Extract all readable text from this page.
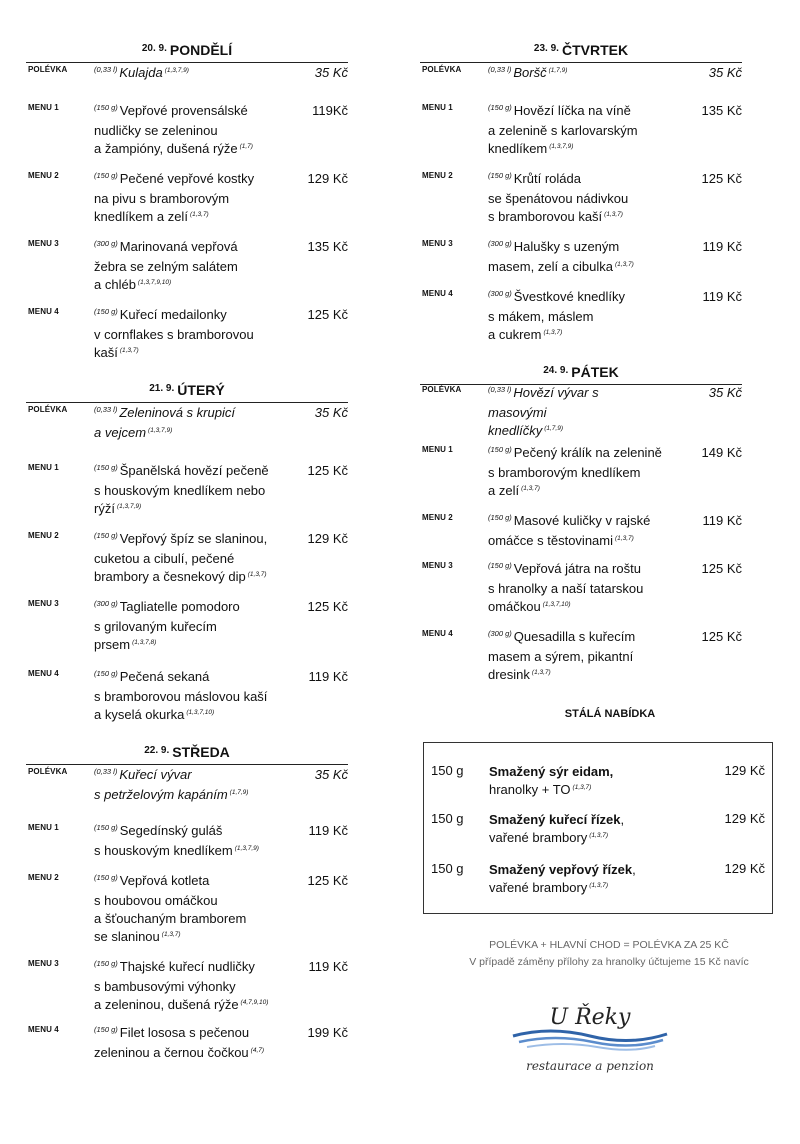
$^{20. 9.}$ PONDĚLÍ
POLÉVKA	$^{(0,33 l)}$ Kulajda $^{(1,3,7,9)}$	35 Kč
MENU 1	$^{(150 g)}$ Vepřové provensálské
nudličky se zeleninou
a žampióny, dušená rýže $^{(1,7)}$
119Kč
MENU 2	$^{(150 g)}$ Pečené vepřové kostky
na pivu s bramborovým
knedlíkem a zelí $^{(1,3,7)}$
129 Kč
MENU 3	$^{(300 g)}$ Marinovaná vepřová
žebra se zelným salátem
a chléb $^{(1,3,7,9,10)}$
135 Kč
MENU 4	$^{(150 g)}$ Kuřecí medailonky
v cornflakes s bramborovou
kaší $^{(1,3,7)}$
125 Kč
$^{21. 9.}$ ÚTERÝ
POLÉVKA	$^{(0,33 l)}$ Zeleninová s krupicí
a vejcem $^{(1,3,7,9)}$
35 Kč
MENU 1	$^{(150 g)}$ Španělská hovězí pečeně
s houskovým knedlíkem nebo
rýží $^{(1,3,7,9)}$
125 Kč
MENU 2	$^{(150 g)}$ Vepřový špíz se slaninou,
cuketou a cibulí, pečené
brambory a česnekový dip $^{(1,3,7)}$
129 Kč
MENU 3	$^{(300 g)}$ Tagliatelle pomodoro
s grilovaným kuřecím
prsem $^{(1,3,7,8)}$
125 Kč
MENU 4	$^{(150 g)}$ Pečená sekaná
s bramborovou máslovou kaší
a kyselá okurka $^{(1,3,7,10)}$
119 Kč
$^{22. 9.}$ STŘEDA
POLÉVKA	$^{(0,33 l)}$ Kuřecí vývar
s petrželovým kapáním $^{(1,7,9)}$
35 Kč
MENU 1	$^{(150 g)}$ Segedínský guláš
s houskovým knedlíkem $^{(1,3,7,9)}$
119 Kč
MENU 2	$^{(150 g)}$ Vepřová kotleta
s houbovou omáčkou
a šťouchaným bramborem
se slaninou $^{(1,3,7)}$
125 Kč
MENU 3	$^{(150 g)}$ Thajské kuřecí nudličky
s bambusovými výhonky
a zeleninou, dušená rýže $^{(4,7,9,10)}$
119 Kč
MENU 4	$^{(150 g)}$ Filet lososa s pečenou
zeleninou a černou čočkou $^{(4,7)}$
199 Kč
$^{23. 9.}$ ČTVRTEK
POLÉVKA	$^{(0,33 l)}$ Boršč $^{(1,7,9)}$	35 Kč
MENU 1	$^{(150 g)}$ Hovězí líčka na víně
a zelenině s karlovarským
knedlíkem $^{(1,3,7,9)}$
135 Kč
MENU 2	$^{(150 g)}$ Krůtí roláda
se špenátovou nádivkou
s bramborovou kaší $^{(1,3,7)}$
125 Kč
MENU 3	$^{(300 g)}$ Halušky s uzeným
masem, zelí a cibulka $^{(1,3,7)}$
119 Kč
MENU 4	$^{(300 g)}$ Švestkové knedlíky
s mákem, máslem
a cukrem $^{(1,3,7)}$
119 Kč
$^{24. 9.}$ PÁTEK
POLÉVKA	$^{(0,33 l)}$ Hovězí vývar s masovými
knedlíčky $^{(1,7,9)}$
35 Kč
MENU 1	$^{(150 g)}$ Pečený králík na zelenině
s bramborovým knedlíkem
a zelí $^{(1,3,7)}$
149 Kč
MENU 2	$^{(150 g)}$ Masové kuličky v rajské
omáčce s těstovinami $^{(1,3,7)}$
119 Kč
MENU 3	$^{(150 g)}$ Vepřová játra na roštu
s hranolky a naší tatarskou
omáčkou $^{(1,3,7,10)}$
125 Kč
MENU 4	$^{(300 g)}$ Quesadilla s kuřecím
masem a sýrem, pikantní
dresink $^{(1,3,7)}$
125 Kč
STÁLÁ NABÍDKA
150 g Smažený sýr eidam,
hranolky + TO $^{(1,3,7)}$
129 Kč
150 g Smažený kuřecí řízek,
vařené brambory $^{(1,3,7)}$
129 Kč
150 g Smažený vepřový řízek,
vařené brambory $^{(1,3,7)}$
129 Kč
POLÉVKA + HLAVNÍ CHOD = POLÉVKA ZA 25 KČ
V případě záměny přílohy za hranolky účtujeme 15 Kč navíc
U Řeky
restaurace a penzion
